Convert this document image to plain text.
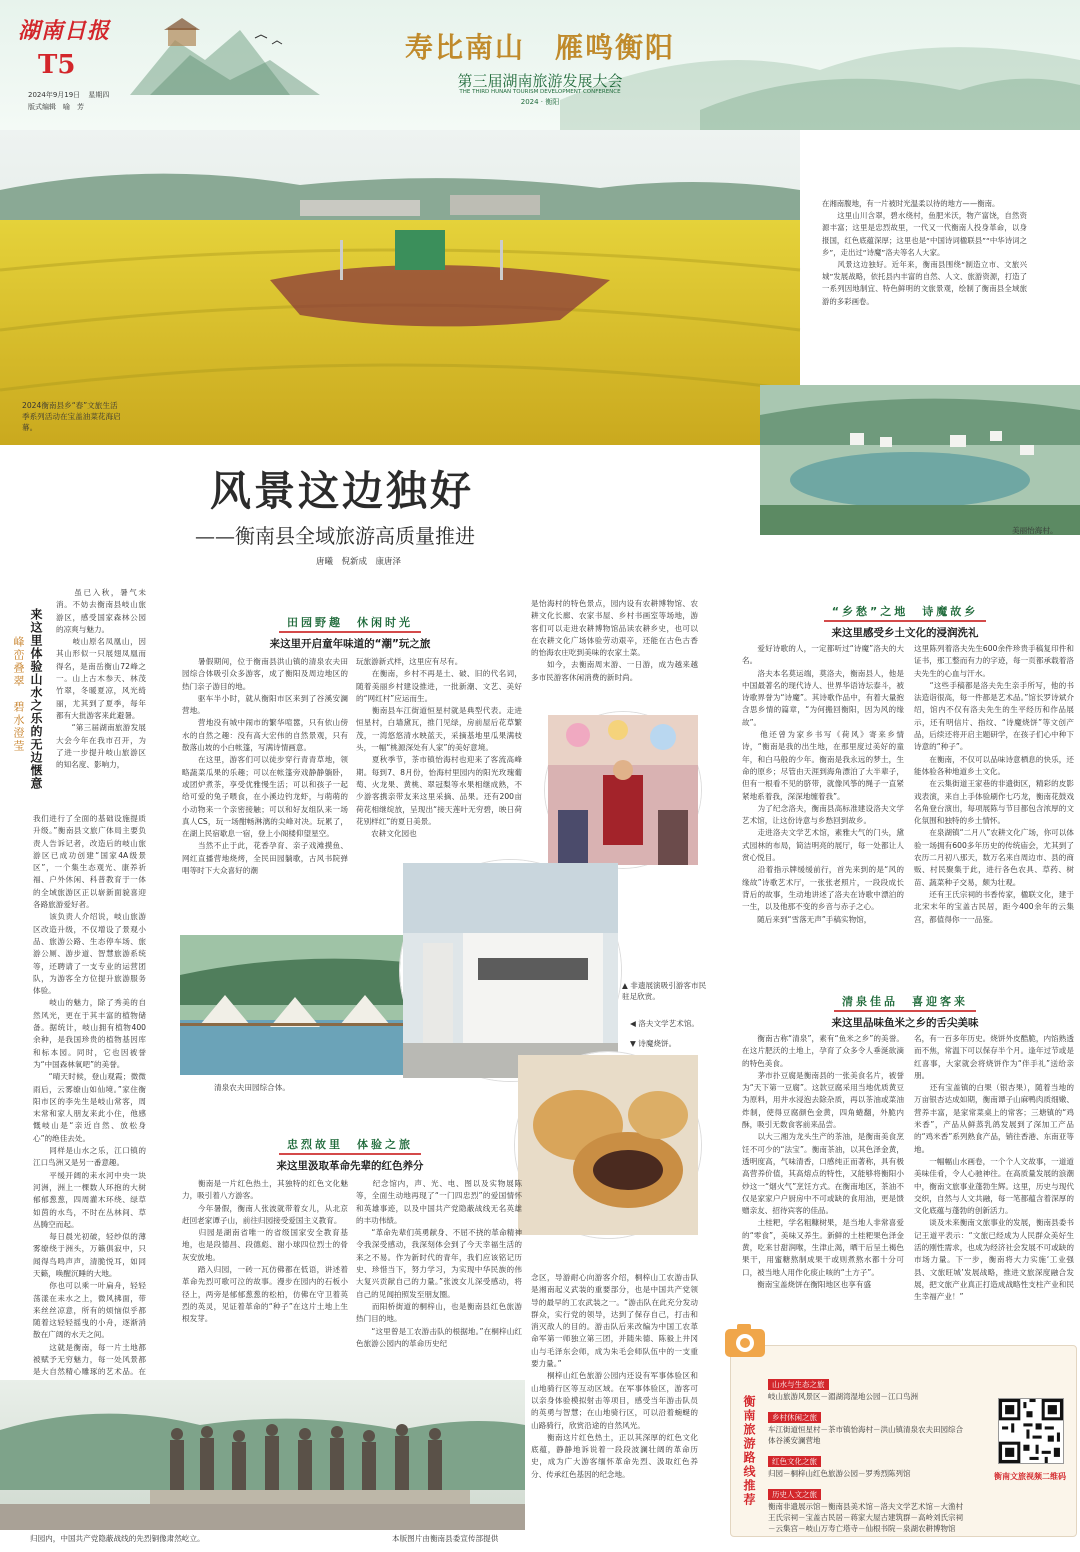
湖南日报
T5
2024年9月19日 星期四
版式编辑　喻　芳
寿比南山　雁鸣衡阳
第三届湖南旅游发展大会
THE THIRD HUNAN TOURISM DEVELOPMENT CONFERENCE
2024 · 衡阳
2024衡南县乡“春”文旅生活季系列活动在宝盖油菜花海启幕。
在湘南腹地，有一片被时光温柔以待的地方——衡南。
　　这里山川含翠，碧水绕村，鱼肥米沃，物产富饶，自然资源丰富；这里是忠烈故里，一代又一代衡南人投身革命，以身报国，红色底蕴深厚；这里也是“中国诗词楹联县”“中华诗词之乡”，走出过“诗魔”洛夫等名人大家。
　　风景这边独好。近年来，衡南县围绕“制造立市、文旅兴城”发展战略，依托县内丰富的自然、人文、旅游资源，打造了一系列因地制宜、特色鲜明的文旅景观，绘制了衡南县全域旅游的多彩画卷。
美丽怡海村。
风景这边独好
——衡南县全域旅游高质量推进
唐曦　倪新成　康唐泽
来这里体验山水之乐的无边惬意
峰峦叠翠　碧水澄莹
　　虽已入秋，暑气未消。不妨去衡南县岐山旅游区，感受国家森林公园的凉爽与魅力。
　　岐山原名凤凰山，因其山形似一只展翅凤凰而得名，是南岳衡山72峰之一。山上古木参天、林茂竹翠，冬暖夏凉，风光绮丽，尤其到了夏季，每年都有大批游客来此避暑。
　　“第三届湖南旅游发展大会今年在我市召开，为了进一步提升岐山旅游区的知名度、影响力，
我们进行了全面的基础设施提质升级。”衡南县文旅广体局主要负责人告诉记者，改造后的岐山旅游区已成功创建“国家4A级景区”，一个集生态观光、康养祈福、户外休闲、科普教育于一体的全域旅游区正以崭新面貌喜迎各路旅游爱好者。
　　该负责人介绍说，岐山旅游区改造升级，不仅增设了景观小品、旅游公路、生态停车场、旅游公厕、游步道、智慧旅游系统等，还聘请了一支专业的运营团队，为游客全方位提升旅游服务体验。
　　岐山的魅力，除了秀美的自然风光，更在于其丰富的植物储备。据统计，岐山拥有植物400余种，是我国珍贵的植物基因库和标本园。同时，它也因被誉为“中国森林氧吧”的美誉。
　　“晴天时候，登山观霞；微微雨后，云雾缭山如仙境。”家住衡阳市区的李先生是岐山常客，周末常和家人朋友来此小住，他感慨岐山是“亲近自然、放松身心”的绝佳去处。
　　同样是山水之乐，江口镇的江口鸟洲又是另一番意趣。
　　平缓开阔的耒水河中央一块河洲，洲上一棵数人环抱的大树郁郁葱葱，四周灌木环绕、绿草如茵的水鸟，不时在丛林间、草丛腾空而起。
　　每日晨光初破，轻纱似的薄雾缭绕于洲头，万籁俱寂中，只闻得鸟鸣声声，清脆悦耳，如同天籁，唤醒沉睡的大地。
　　你也可以乘一叶扁舟，轻轻荡漾在耒水之上，微风拂面，带来丝丝凉意，所有的烦恼似乎都随着这轻轻摇曳的小舟，逐渐消散在广阔的水天之间。
　　这就是衡南，每一片土地都被赋予无穷魅力，每一处风景都是大自然精心雕琢的艺术品。在
田园野趣　休闲时光
来这里开启童年味道的“潮”玩之旅
　　暑假期间，位于衡南县洪山镇的清泉农夫田园综合体吸引众多游客，成了衡阳及周边地区的热门亲子游目的地。
　　驱车半小时，就从衡阳市区来到了谷溪安澜营地。
　　营地没有城中闹市的繁华喧嚣，只有依山傍水的自然之趣：没有高大宏伟的自然景观，只有散落山坡的小白帐篷，写满诗情画意。
　　在这里，游客们可以徒步穿行青青草地，领略蔬菜瓜果的乐趣；可以在帐篷旁戏静静躺卧，或团炉煮茶，享受优雅慢生活；可以和孩子一起给可爱的兔子喂食，在小溪边钓龙虾，与萌萌的小动物来一个亲密接触；可以和好友组队来一场真人CS，玩一场酣畅淋漓的尖峰对决。玩累了，在湖上民宿歇息一宿，登上小阁楼仰望星空。
　　当然不止于此，花香孕育、亲子戏滩摸鱼、网红直播营地烧烤，全民田园躺歌，古风书院弹唱等时下大众喜好的潮
玩旅游新式样，这里应有尽有。
　　在衡南，乡村不再是土、破、旧的代名词，随着美丽乡村建设推进，一批新潮、文艺、美好的“网红村”应运而生。
　　衡南县车江街道恒星村就是典型代表。走进恒星村，白墙黛瓦，推门见绿，房前屋后花草繁茂，一湾悠悠清水映蓝天，采摘基地里瓜果满枝头，一幅“桃源深处有人家”的美好意境。
　　夏秋季节，茶市镇怡海村也迎来了客流高峰期。每到7、8月份，怡海村里园内的阳光玫瑰葡萄、火龙果、黄桃、翠冠梨等水果相继成熟，不少游客携亲带友来这里采摘、品果。还有200亩荷花相继绽放，呈现出“接天莲叶无穷碧，映日荷花别样红”的夏日美景。
　　农耕文化园也
是怡海村的特色景点，园内设有农耕博物馆、农耕文化长廊、农家书屋、乡村书画室等场地，游客们可以走进农耕博物馆品读农耕乡史，也可以在农耕文化广场体验劳动艰辛，还能在古色古香的怡海农庄吃到美味的农家土菜。
　　如今，去衡南周末游、一日游，成为越来越多市民游客休闲消费的新时尚。
清泉农夫田园综合体。
▲ 非遗展演吸引游客市民驻足欣赏。
◀ 洛夫文学艺术馆。
▼ 诗魔烧饼。
忠烈故里　体验之旅
来这里汲取革命先辈的红色养分
　　衡南是一片红色热土，其独特的红色文化魅力，吸引着八方游客。
　　今年暑假，衡南人张波就带着女儿，从北京赶回老家谭子山，前往归园接受爱国主义教育。
　　归园是湖南省唯一的省级国家安全教育基地，也是段德昌、段德彪、谢小球四位烈士的骨灰安放地。
　　踏入归园，一砖一瓦仿佛都在低语，讲述着革命先烈可歌可泣的故事。漫步在园内的石板小径上，两旁是郁郁葱葱的松柏，仿佛在守卫着英烈的英灵，见证着革命的“种子”在这片土地上生根发芽。
　　纪念馆内，声、光、电、图以及实物展陈等，全面生动地再现了“一门四忠烈”的爱国情怀和英雄事迹，以及中国共产党隐蔽战线无名英雄的丰功伟绩。
　　“革命先辈们英勇献身、不屈不挠的革命精神令我深受感动，我深刻体会到了今天幸福生活的来之不易。作为新时代的青年，我们应该铭记历史、珍惜当下，努力学习，为实现中华民族的伟大复兴贡献自己的力量。”张波女儿深受感动，将自己的见闻拍照发至朋友圈。
　　而阳桥街道的桐梓山，也是衡南县红色旅游热门目的地。
　　“这里曾是工农游击队的根据地。”在桐梓山红色旅游公园内的革命历史纪
念区，导游耐心向游客介绍，桐梓山工农游击队是湘南起义武装的重要部分，也是中国共产党领导的最早的工农武装之一。“游击队在此充分发动群众，实行党的领导，达到了保存自己，打击和消灭敌人的目的。游击队后来改编为中国工农革命军第一师独立第三团，并随朱德、陈毅上井冈山与毛泽东会师，成为朱毛会师队伍中的一支重要力量。”
　　桐梓山红色旅游公园内还设有军事体验区和山地骑行区等互动区域。在军事体验区，游客可以亲身体验模拟射击等项目，感受当年游击队员的英勇与智慧；在山地骑行区，可以沿着蜿蜒的山路骑行，欣赏沿途的自然风光。
　　衡南这片红色热土，正以其深厚的红色文化底蕴，静静地诉说着一段段波澜壮阔的革命历史，成为广大游客缅怀革命先烈、汲取红色养分、传承红色基因的纪念地。
归园内，中国共产党隐蔽战线的先烈铜像肃然屹立。	本版图片由衡南县委宣传部提供
“乡愁”之地　诗魔故乡
来这里感受乡土文化的浸润洗礼
　　爱好诗歌的人，一定都听过“诗魔”洛夫的大名。
　　洛夫本名莫运端，莫洛夫，衡南县人，他是中国最著名的现代诗人、世界华语诗坛泰斗，被诗歌界誉为“诗魔”。其诗歌作品中，有着大量抱含思乡情的篇章，“为何搬回衡阳，因为风的缘故”。
　　他还曾为家乡书写《荷风》寄来乡情诗，“衡南是我的出生地，在那里度过美好的童年，和白马般的少年。衡南是我永远的梦土，生命的原乡；尽管由天涯到海角漂泊了大半辈子，但有一根看不见的脐带，就像风筝的绳子一直紧紧地系着我，深深地缠着我”。
　　为了纪念洛夫，衡南县高标准建设洛夫文学艺术馆，让这份诗意与乡愁回到故乡。
　　走进洛夫文学艺术馆，素雅大气的门头，黛式园林的布局，简洁明亮的展厅，每一处都让人赏心悦目。
　　沿着指示牌缓缓前行，首先来到的是“风的缘故”诗歌艺术厅，一张张老照片，一段段成长背后的故事，生动地讲述了洛夫在诗歌中漂泊的一生，以及他那不变的乡音与赤子之心。
　　随后来到“雪落无声”手稿实物馆，
这里陈列着洛夫先生600余件珍贵手稿复印件和证书，那工整而有力的字迹，每一页都承载着洛夫先生的心血与汗水。
　　“这些手稿都是洛夫先生亲手所写，他的书法造诣很高，每一件都是艺术品。”馆长罗诗斌介绍，馆内不仅有洛夫先生的生平经历和作品展示，还有明信片、指纹、“诗魔烧饼”等文创产品，后续还将开启主题研学，在孩子们心中种下诗意的“种子”。
　　在衡南，不仅可以品味诗意栖息的快乐，还能体验各种地道乡土文化。
　　在云集街道王家巷的非遗街区，精彩的皮影戏表演，来自上手体验刷作七巧龙，衡南花鼓戏名角登台演出，每项展陈与节目都包含浓厚的文化氛围和独特的乡土情怀。
　　在泉湖镇“二月八”农耕文化广场，你可以体验一场拥有600多年历史的传统庙会，尤其到了农历二月初八那天，数万名来自周边市、县的商贩、村民聚集于此，进行各色农具、草药、树苗、蔬菜种子交易，颇为壮观。
　　还有王氏宗祠的书香传家，楹联文化，建于北宋末年的宝盖古民居，距今400余年的云集宫，都值得你一一品鉴。
清泉佳品　喜迎客来
来这里品味鱼米之乡的舌尖美味
　　衡南古称“清泉”，素有“鱼米之乡”的美誉。在这片肥沃的土地上，孕育了众多令人垂涎欲滴的特色美食。
　　茅市扑豆腐是衡南县的一张美食名片，被誉为“天下第一豆腐”。这款豆腐采用当地优质黄豆为原料，用井水浸泡去除杂质，再以茶油或菜油炸制，使得豆腐颜色金黄，四角蜷翻，外脆内酥，吸引无数食客前来品尝。
　　以大三湘为龙头生产的茶油，是衡南美食烹饪不可少的“法宝”。衡南茶油，以其色泽金黄，透明度高，气味清香，口感纯正而著称，具有极高营养价值，其高熔点的特性，又能够将衡阳小炒这一“烟火气”烹饪方式。在衡南地区，茶油不仅是家家户户厨房中不可或缺的食用油，更是馈赠亲友、招待宾客的佳品。
　　土桂粑，学名粗糠树果，是当地人非常喜爱的“零食”，美味又养生。新鲜的土桂粑果色泽金黄，吃来甘甜润喉，生津止渴，晒干后呈土褐色果干，用蜜糖熬制成果干或则煮熬水都十分可口，被当地人用作化痰止咳的“土方子”。
　　衡南宝盖烧饼在衡阳地区也享有盛
名，有一百多年历史。烧饼外皮酷脆，内馅熟透而不焦，常温下可以保存半个月。逢年过节或是红喜事，大家就会将烧饼作为“伴手礼”送给亲朋。
　　还有宝盖镇的白果（银杏果），随着当地的万亩银杏达成如期，衡南谭子山麻鸭肉质细嫩、营养丰富，是家常菜桌上的常客；三塘镇的“鸡米香”，产品从鲜蒸乳鸽发展到了深加工产品的“鸡米香”系列熟食产品，销往香港、东南亚等地。
　　一幅幅山水画卷，一个个人文故事，一道道美味佳肴，令人心驰神往。在高质量发展的浪潮中，衡南文旅事业蓬勃生辉。这里，历史与现代交织，自然与人文共融，每一笔都蕴含着深厚的文化底蕴与蓬勃的创新活力。
　　谈及未来衡南文旅事业的发展，衡南县委书记王道平表示：“文旅已经成为人民群众美好生活的刚性需求，也成为经济社会发展不可或缺的市场力量。下一步，衡南将大力实施‘工业强县、文旅旺城’发展战略，推进文旅深度融合发展，把文旅产业真正打造成战略性支柱产业和民生幸福产业！”
衡南旅游路线推荐
山水与生态之旅
岐山旅游风景区－湄湖湾湿地公园－江口鸟洲
乡村休闲之旅
车江街道恒星村－茶市镇怡海村－洪山镇清泉农夫田园综合体谷溪安澜营地
红色文化之旅
归园－桐梓山红色旅游公园－罗秀烈陈列馆
历史人文之旅
衡南非遗展示馆－衡南县美术馆－洛夫文学艺术馆－大渔村王氏宗祠－宝盖古民居－蒋家大屋古建筑群－高岭刘氏宗祠－云集宫－岐山万寿亡塔寺－仙根书院－泉湖农耕博物馆
衡南文旅视频二维码
